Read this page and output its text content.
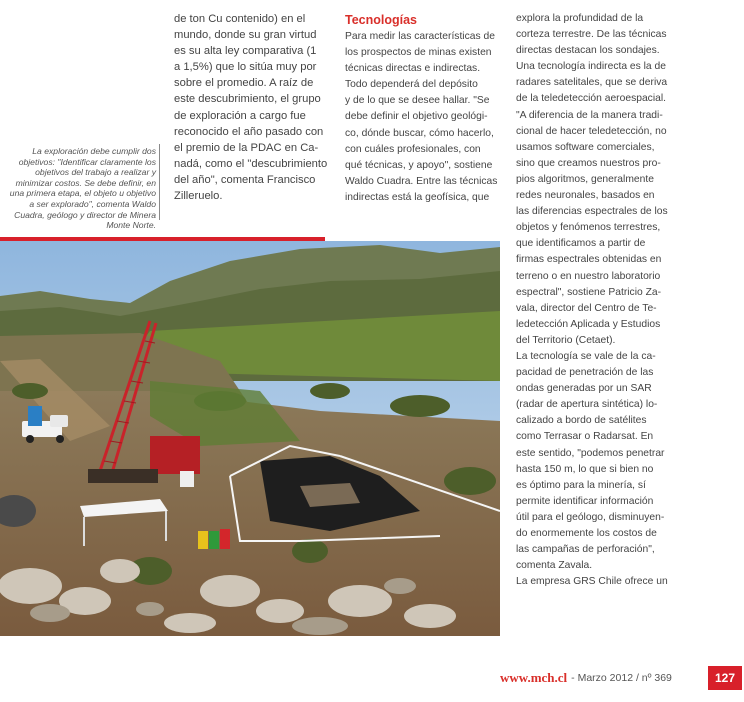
La exploración debe cumplir dos objetivos: "Identificar claramente los objetivos del trabajo a realizar y minimizar costos. Se debe definir, en una primera etapa, el objeto u objetivo a ser explorado", comenta Waldo Cuadra, geólogo y director de Minera Monte Norte.
de ton Cu contenido) en el
mundo, donde su gran virtud
es su alta ley comparativa (1
a 1,5%) que lo sitúa muy por
sobre el promedio. A raíz de
este descubrimiento, el grupo
de exploración a cargo fue
reconocido el año pasado con
el premio de la PDAC en Ca-
nadá, como el "descubrimiento
del año", comenta Francisco
Zilleruelo.
Tecnologías
Para medir las características de
los prospectos de minas existen
técnicas directas e indirectas.
Todo dependerá del depósito
y de lo que se desee hallar. "Se
debe definir el objetivo geológi-
co, dónde buscar, cómo hacerlo,
con cuáles profesionales, con
qué técnicas, y apoyo", sostiene
Waldo Cuadra. Entre las técnicas
indirectas está la geofísica, que
explora la profundidad de la
corteza terrestre. De las técnicas
directas destacan los sondajes.
Una tecnología indirecta es la de
radares satelitales, que se deriva
de la teledetección aeroespacial.
"A diferencia de la manera tradi-
cional de hacer teledetección, no
usamos software comerciales,
sino que creamos nuestros pro-
pios algoritmos, generalmente
redes neuronales, basados en
las diferencias espectrales de los
objetos y fenómenos terrestres,
que identificamos a partir de
firmas espectrales obtenidas en
terreno o en nuestro laboratorio
espectral", sostiene Patricio Za-
vala, director del Centro de Te-
ledetección Aplicada y Estudios
del Territorio (Cetaet).
La tecnología se vale de la ca-
pacidad de penetración de las
ondas generadas por un SAR
(radar de apertura sintética) lo-
calizado a bordo de satélites
como Terrasar o Radarsat. En
este sentido, "podemos penetrar
hasta 150 m, lo que si bien no
es óptimo para la minería, sí
permite identificar información
útil para el geólogo, disminuyen-
do enormemente los costos de
las campañas de perforación",
comenta Zavala.
La empresa GRS Chile ofrece un
www.mch.cl - Marzo 2012 / nº 369	127
